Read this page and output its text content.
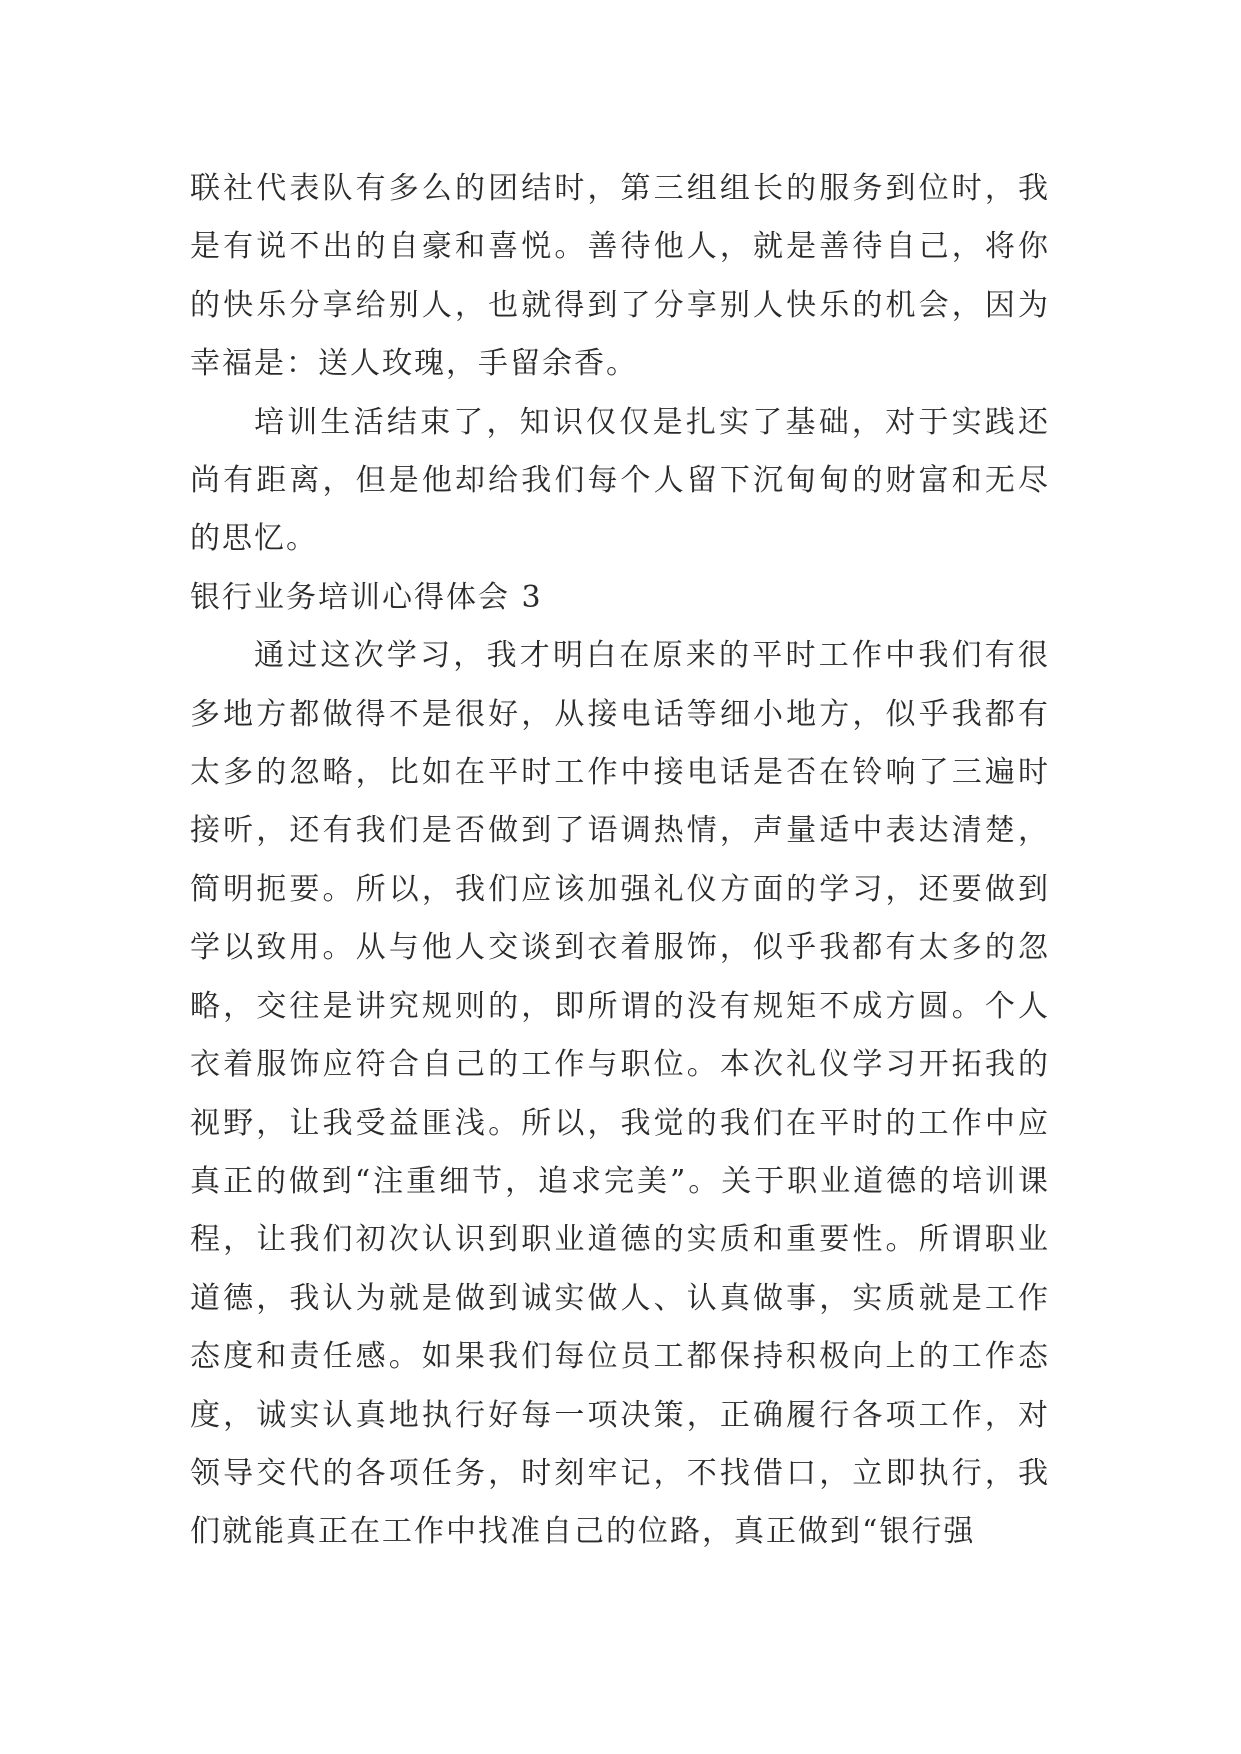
联社代表队有多么的团结时，第三组组长的服务到位时，我是有说不出的自豪和喜悦。善待他人，就是善待自己，将你的快乐分享给别人，也就得到了分享别人快乐的机会，因为幸福是：送人玫瑰，手留余香。

培训生活结束了，知识仅仅是扎实了基础，对于实践还尚有距离，但是他却给我们每个人留下沉甸甸的财富和无尽的思忆。

银行业务培训心得体会 3

通过这次学习，我才明白在原来的平时工作中我们有很多地方都做得不是很好，从接电话等细小地方，似乎我都有太多的忽略，比如在平时工作中接电话是否在铃响了三遍时接听，还有我们是否做到了语调热情，声量适中表达清楚，简明扼要。所以，我们应该加强礼仪方面的学习，还要做到学以致用。从与他人交谈到衣着服饰，似乎我都有太多的忽略，交往是讲究规则的，即所谓的没有规矩不成方圆。个人衣着服饰应符合自己的工作与职位。本次礼仪学习开拓我的视野，让我受益匪浅。所以，我觉的我们在平时的工作中应真正的做到“注重细节，追求完美”。关于职业道德的培训课程，让我们初次认识到职业道德的实质和重要性。所谓职业道德，我认为就是做到诚实做人、认真做事，实质就是工作态度和责任感。如果我们每位员工都保持积极向上的工作态度，诚实认真地执行好每一项决策，正确履行各项工作，对领导交代的各项任务，时刻牢记，不找借口，立即执行，我们就能真正在工作中找准自己的位路，真正做到“银行强
